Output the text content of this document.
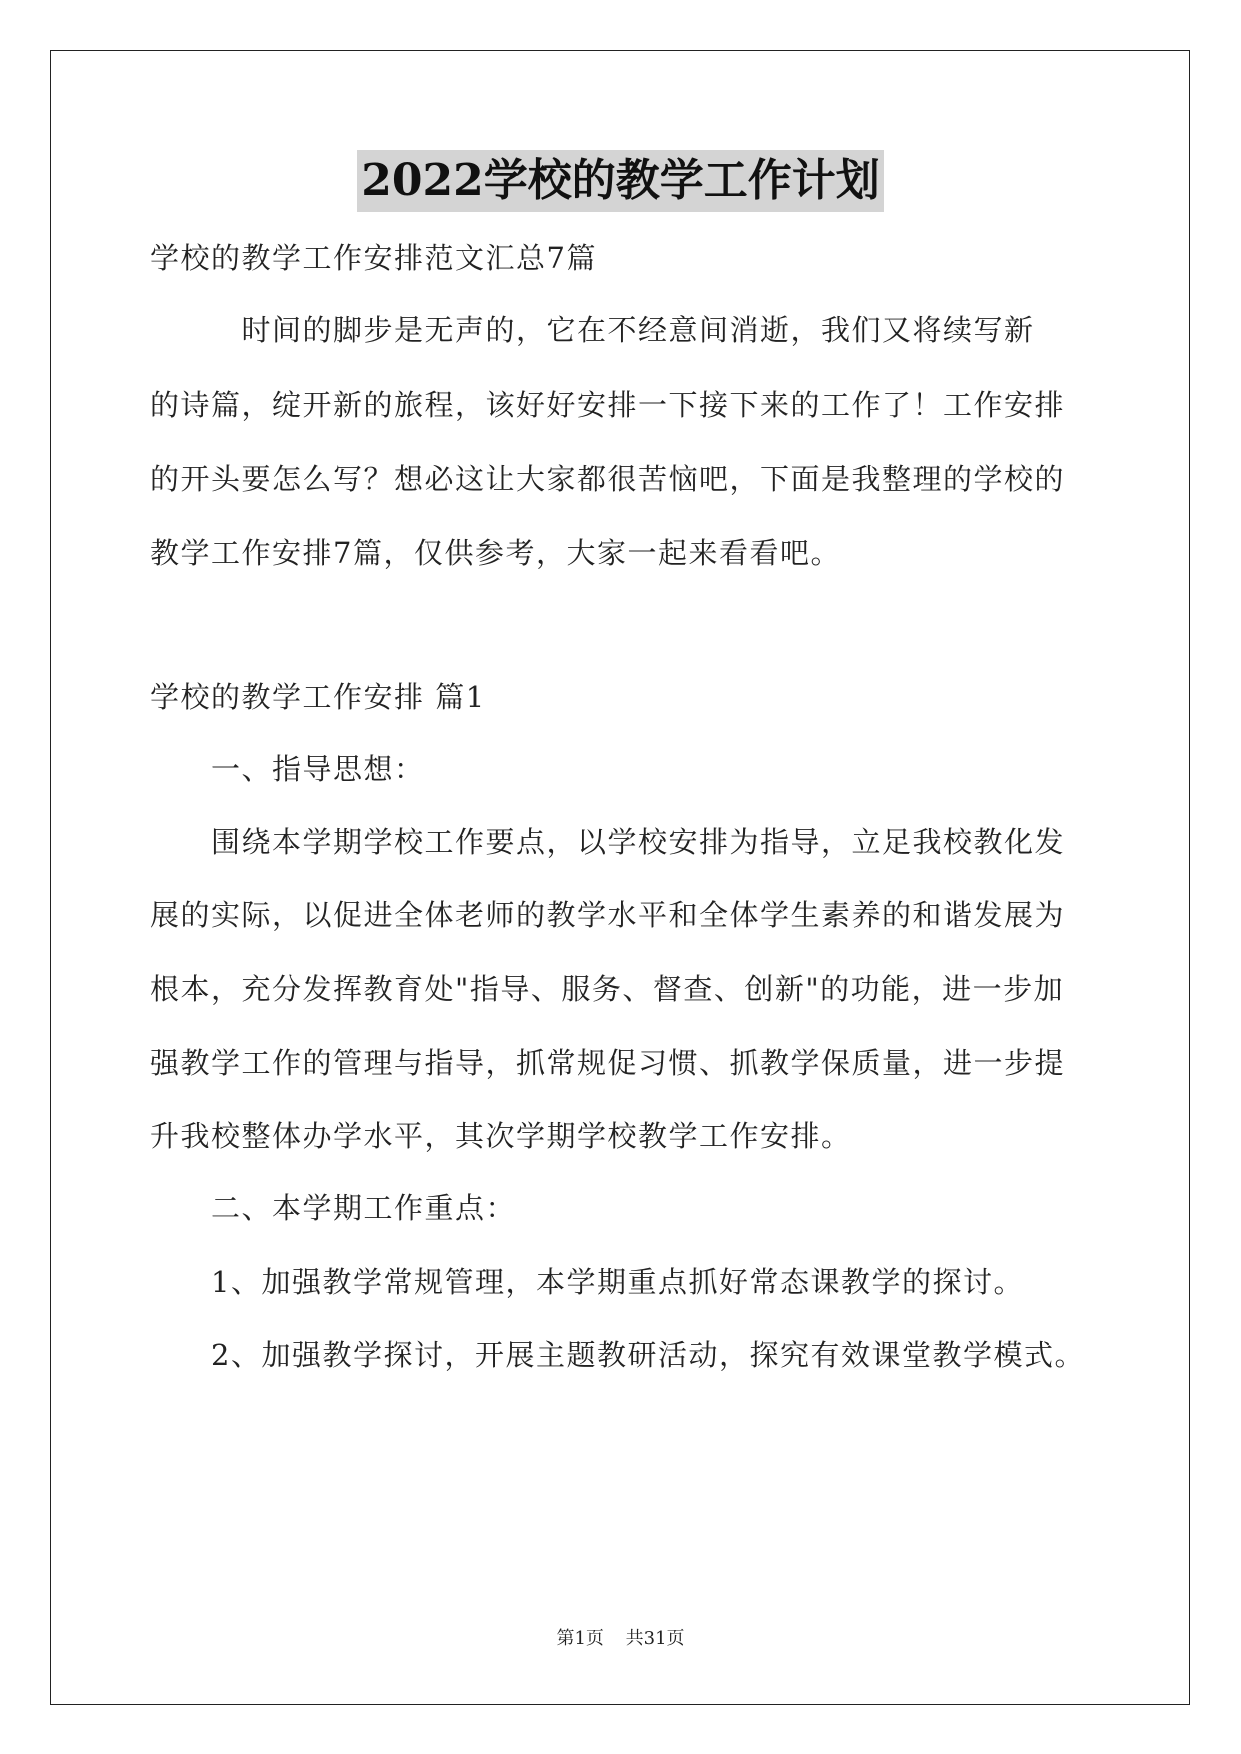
2022学校的教学工作计划

学校的教学工作安排范文汇总7篇

　　　时间的脚步是无声的，它在不经意间消逝，我们又将续写新

的诗篇，绽开新的旅程，该好好安排一下接下来的工作了！工作安排

的开头要怎么写？想必这让大家都很苦恼吧，下面是我整理的学校的

教学工作安排7篇，仅供参考，大家一起来看看吧。

学校的教学工作安排 篇1

　　一、指导思想：

　　围绕本学期学校工作要点，以学校安排为指导，立足我校教化发

展的实际，以促进全体老师的教学水平和全体学生素养的和谐发展为

根本，充分发挥教育处"指导、服务、督查、创新"的功能，进一步加

强教学工作的管理与指导，抓常规促习惯、抓教学保质量，进一步提

升我校整体办学水平，其次学期学校教学工作安排。

　　二、本学期工作重点：

　　1、加强教学常规管理，本学期重点抓好常态课教学的探讨。

　　2、加强教学探讨，开展主题教研活动，探究有效课堂教学模式。

第1页 共31页
